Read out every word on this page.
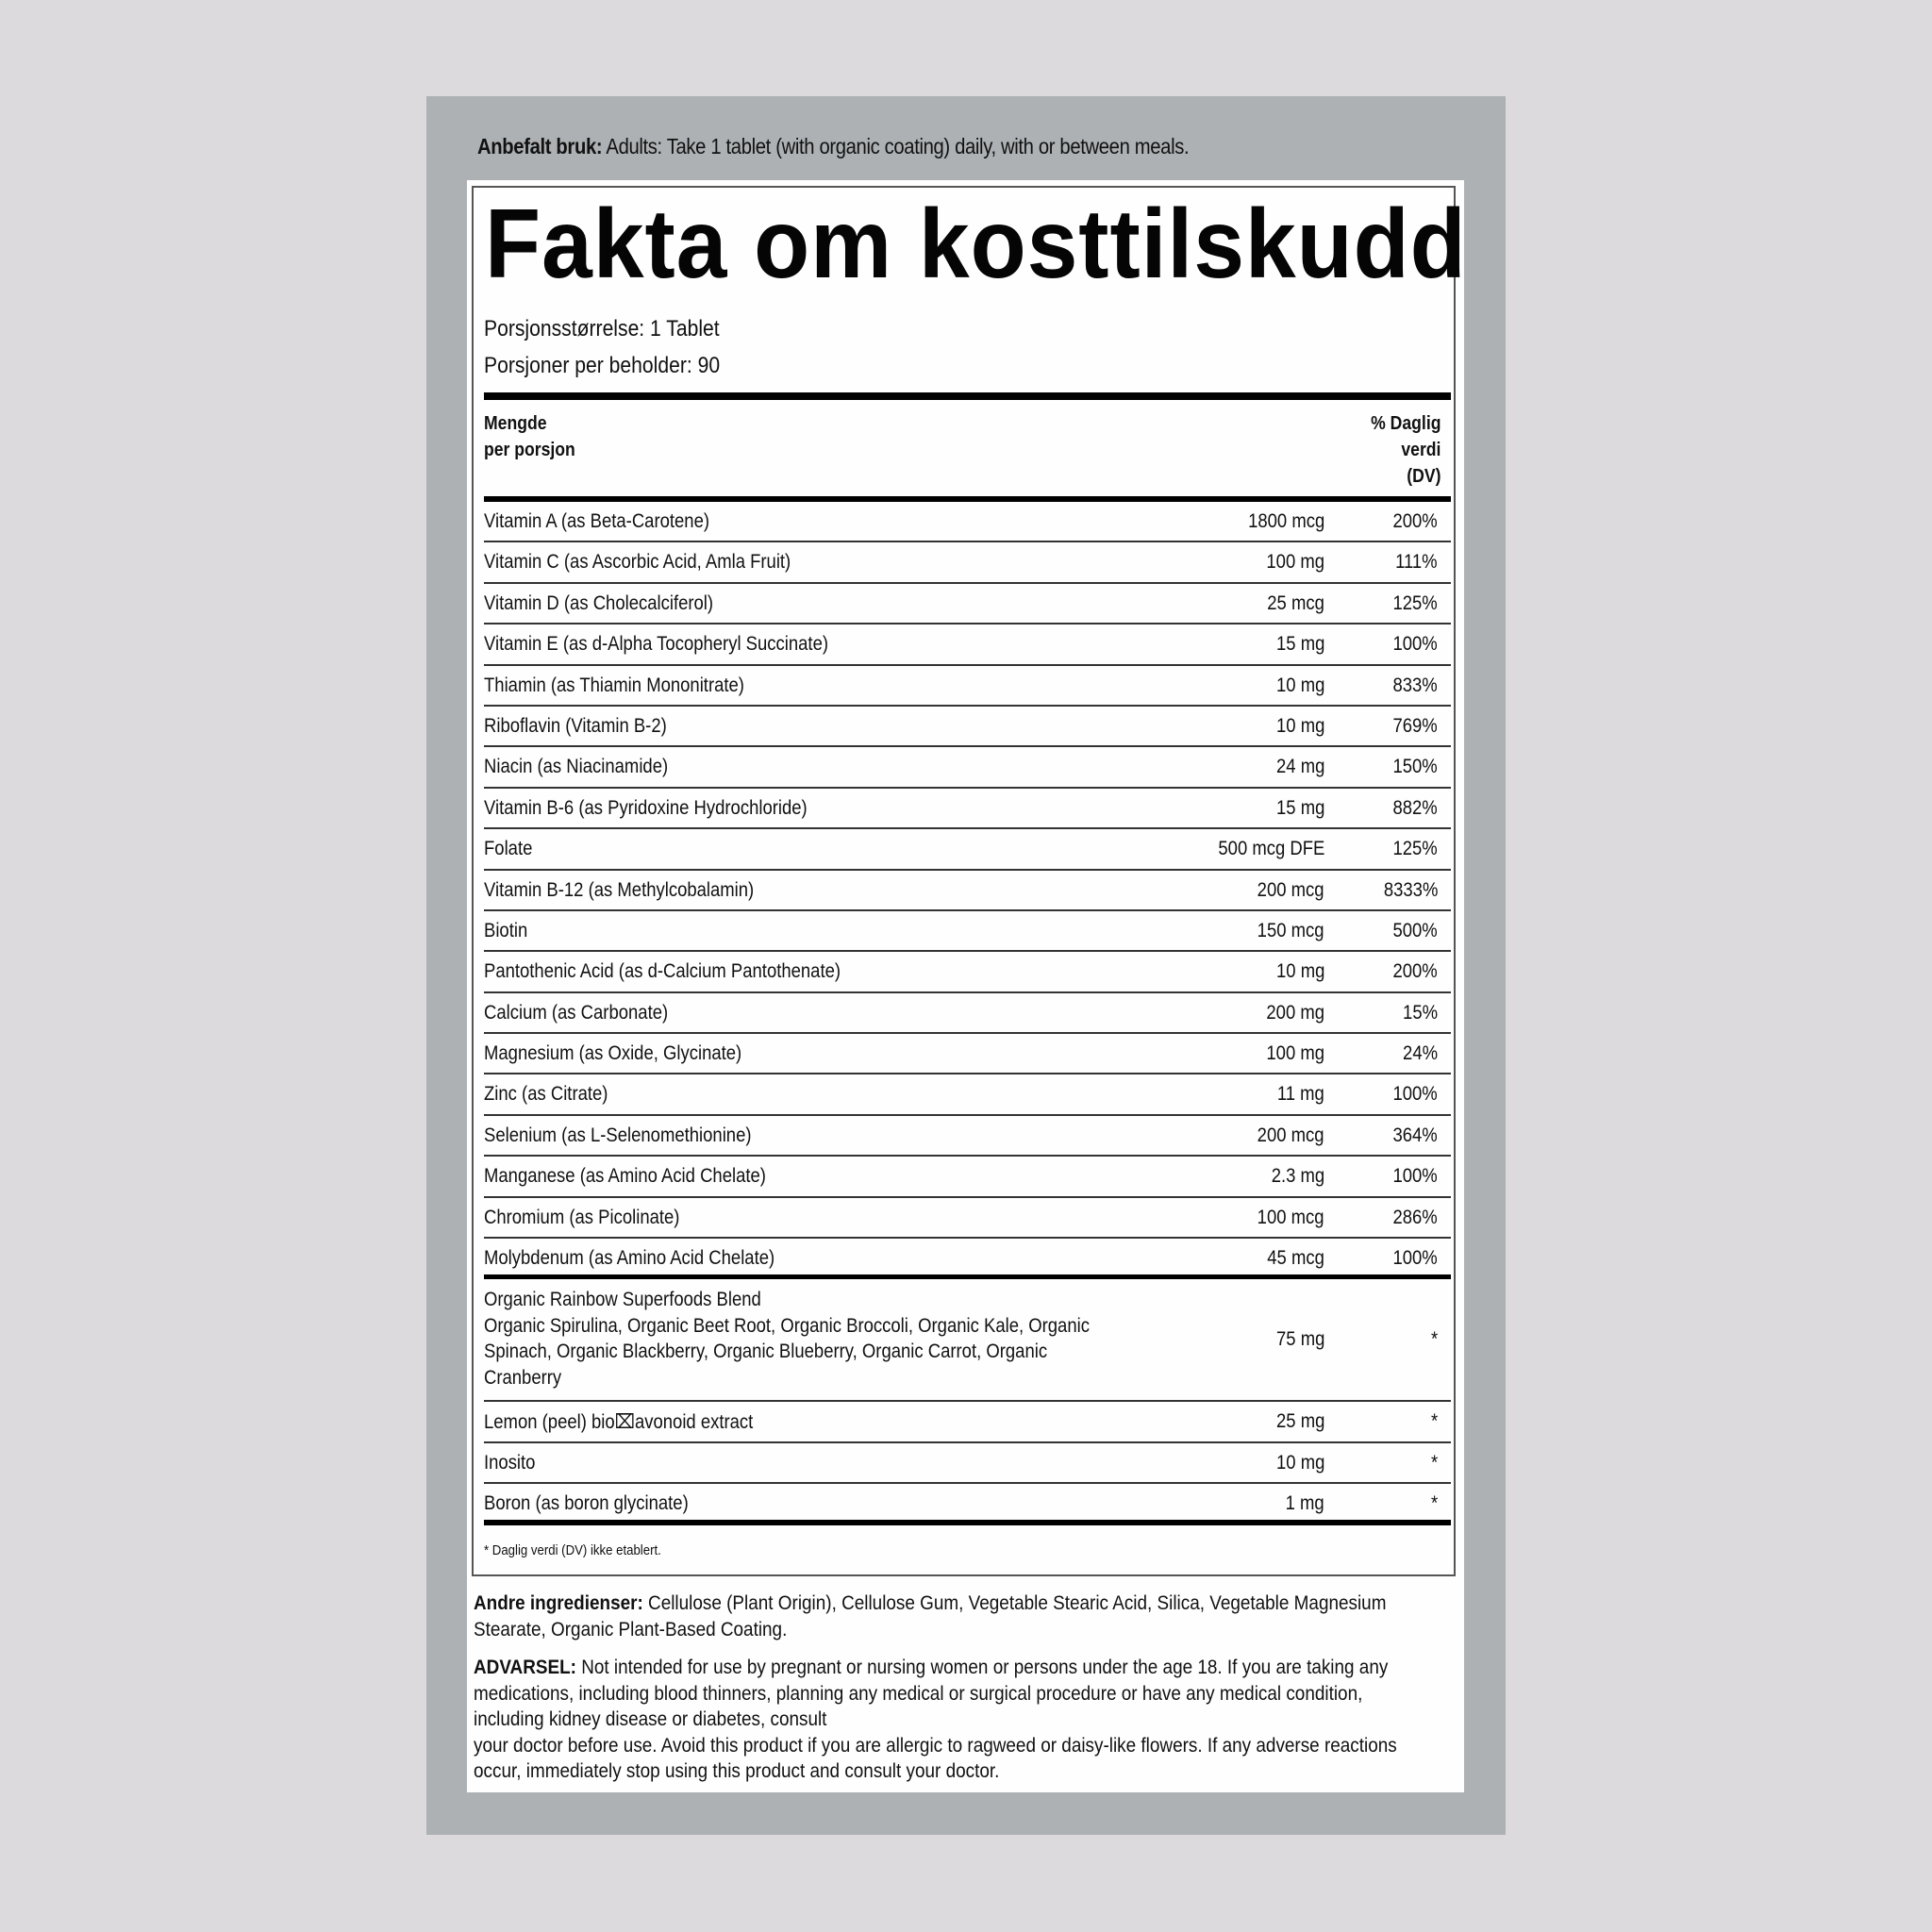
Anbefalt bruk: Adults: Take 1 tablet (with organic coating) daily, with or between meals.
Fakta om kosttilskudd
Porsjonsstørrelse: 1 Tablet
Porsjoner per beholder: 90
Mengde
per porsjon
% Daglig
verdi
(DV)
Vitamin A (as Beta-Carotene)	1800 mcg	200%
Vitamin C (as Ascorbic Acid, Amla Fruit)	100 mg	111%
Vitamin D (as Cholecalciferol)	25 mcg	125%
Vitamin E (as d-Alpha Tocopheryl Succinate)	15 mg	100%
Thiamin (as Thiamin Mononitrate)	10 mg	833%
Riboflavin (Vitamin B-2)	10 mg	769%
Niacin (as Niacinamide)	24 mg	150%
Vitamin B-6 (as Pyridoxine Hydrochloride)	15 mg	882%
Folate	500 mcg DFE	125%
Vitamin B-12 (as Methylcobalamin)	200 mcg	8333%
Biotin	150 mcg	500%
Pantothenic Acid (as d-Calcium Pantothenate)	10 mg	200%
Calcium (as Carbonate)	200 mg	15%
Magnesium (as Oxide, Glycinate)	100 mg	24%
Zinc (as Citrate)	11 mg	100%
Selenium (as L-Selenomethionine)	200 mcg	364%
Manganese (as Amino Acid Chelate)	2.3 mg	100%
Chromium (as Picolinate)	100 mcg	286%
Molybdenum (as Amino Acid Chelate)	45 mcg	100%
Organic Rainbow Superfoods Blend
Organic Spirulina, Organic Beet Root, Organic Broccoli, Organic Kale, Organic Spinach, Organic Blackberry, Organic Blueberry, Organic Carrot, Organic Cranberry
75 mg	*
Lemon (peel) bio⌧avonoid extract	25 mg	*
Inosito	10 mg	*
Boron (as boron glycinate)	1 mg	*
* Daglig verdi (DV) ikke etablert.
Andre ingredienser: Cellulose (Plant Origin), Cellulose Gum, Vegetable Stearic Acid, Silica, Vegetable Magnesium Stearate, Organic Plant-Based Coating.
ADVARSEL: Not intended for use by pregnant or nursing women or persons under the age 18. If you are taking any medications, including blood thinners, planning any medical or surgical procedure or have any medical condition, including kidney disease or diabetes, consult
your doctor before use. Avoid this product if you are allergic to ragweed or daisy-like flowers. If any adverse reactions occur, immediately stop using this product and consult your doctor.
